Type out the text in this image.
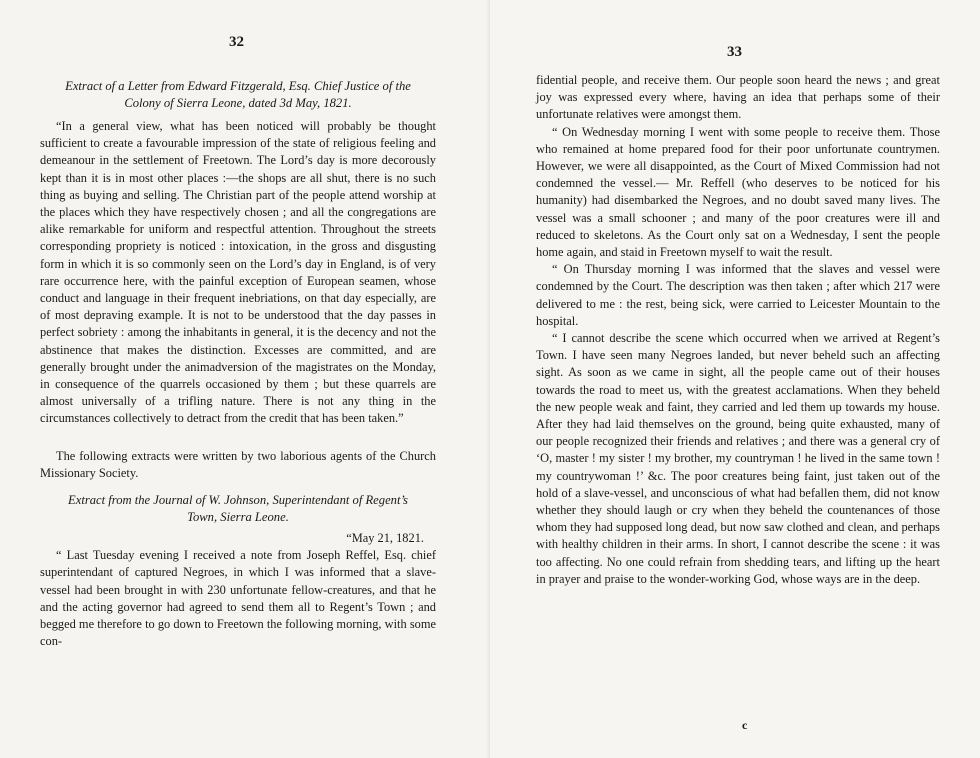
32

Extract of a Letter from Edward Fitzgerald, Esq. Chief Justice of the Colony of Sierra Leone, dated 3d May, 1821.

“In a general view, what has been noticed will probably be thought sufficient to create a favourable impression of the state of religious feeling and demeanour in the settlement of Freetown. The Lord’s day is more decorously kept than it is in most other places :—the shops are all shut, there is no such thing as buying and selling. The Christian part of the people attend worship at the places which they have respectively chosen ; and all the congregations are alike remarkable for uniform and respectful attention. Throughout the streets corresponding propriety is noticed : intoxication, in the gross and disgusting form in which it is so commonly seen on the Lord’s day in England, is of very rare occurrence here, with the painful exception of European seamen, whose conduct and language in their frequent inebriations, on that day especially, are of most depraving example. It is not to be understood that the day passes in perfect sobriety : among the inhabitants in general, it is the decency and not the abstinence that makes the distinction. Excesses are committed, and are generally brought under the animadversion of the magistrates on the Monday, in consequence of the quarrels occasioned by them ; but these quarrels are almost universally of a trifling nature. There is not any thing in the circumstances collectively to detract from the credit that has been taken.”

The following extracts were written by two laborious agents of the Church Missionary Society.

Extract from the Journal of W. Johnson, Superintendant of Regent’s Town, Sierra Leone.

“May 21, 1821.

“ Last Tuesday evening I received a note from Joseph Reffel, Esq. chief superintendant of captured Negroes, in which I was informed that a slave-vessel had been brought in with 230 unfortunate fellow-creatures, and that he and the acting governor had agreed to send them all to Regent’s Town ; and begged me therefore to go down to Freetown the following morning, with some con-

33

fidential people, and receive them. Our people soon heard the news ; and great joy was expressed every where, having an idea that perhaps some of their unfortunate relatives were amongst them.

“ On Wednesday morning I went with some people to receive them. Those who remained at home prepared food for their poor unfortunate countrymen. However, we were all disappointed, as the Court of Mixed Commission had not condemned the vessel.— Mr. Reffell (who deserves to be noticed for his humanity) had disembarked the Negroes, and no doubt saved many lives. The vessel was a small schooner ; and many of the poor creatures were ill and reduced to skeletons. As the Court only sat on a Wednesday, I sent the people home again, and staid in Freetown myself to wait the result.

“ On Thursday morning I was informed that the slaves and vessel were condemned by the Court. The description was then taken ; after which 217 were delivered to me : the rest, being sick, were carried to Leicester Mountain to the hospital.

“ I cannot describe the scene which occurred when we arrived at Regent’s Town. I have seen many Negroes landed, but never beheld such an affecting sight. As soon as we came in sight, all the people came out of their houses towards the road to meet us, with the greatest acclamations. When they beheld the new people weak and faint, they carried and led them up towards my house. After they had laid themselves on the ground, being quite exhausted, many of our people recognized their friends and relatives ; and there was a general cry of ‘O, master ! my sister ! my brother, my countryman ! he lived in the same town ! my countrywoman !’ &c. The poor creatures being faint, just taken out of the hold of a slave-vessel, and unconscious of what had befallen them, did not know whether they should laugh or cry when they beheld the countenances of those whom they had supposed long dead, but now saw clothed and clean, and perhaps with healthy children in their arms. In short, I cannot describe the scene : it was too affecting. No one could refrain from shedding tears, and lifting up the heart in prayer and praise to the wonder-working God, whose ways are in the deep.

c
